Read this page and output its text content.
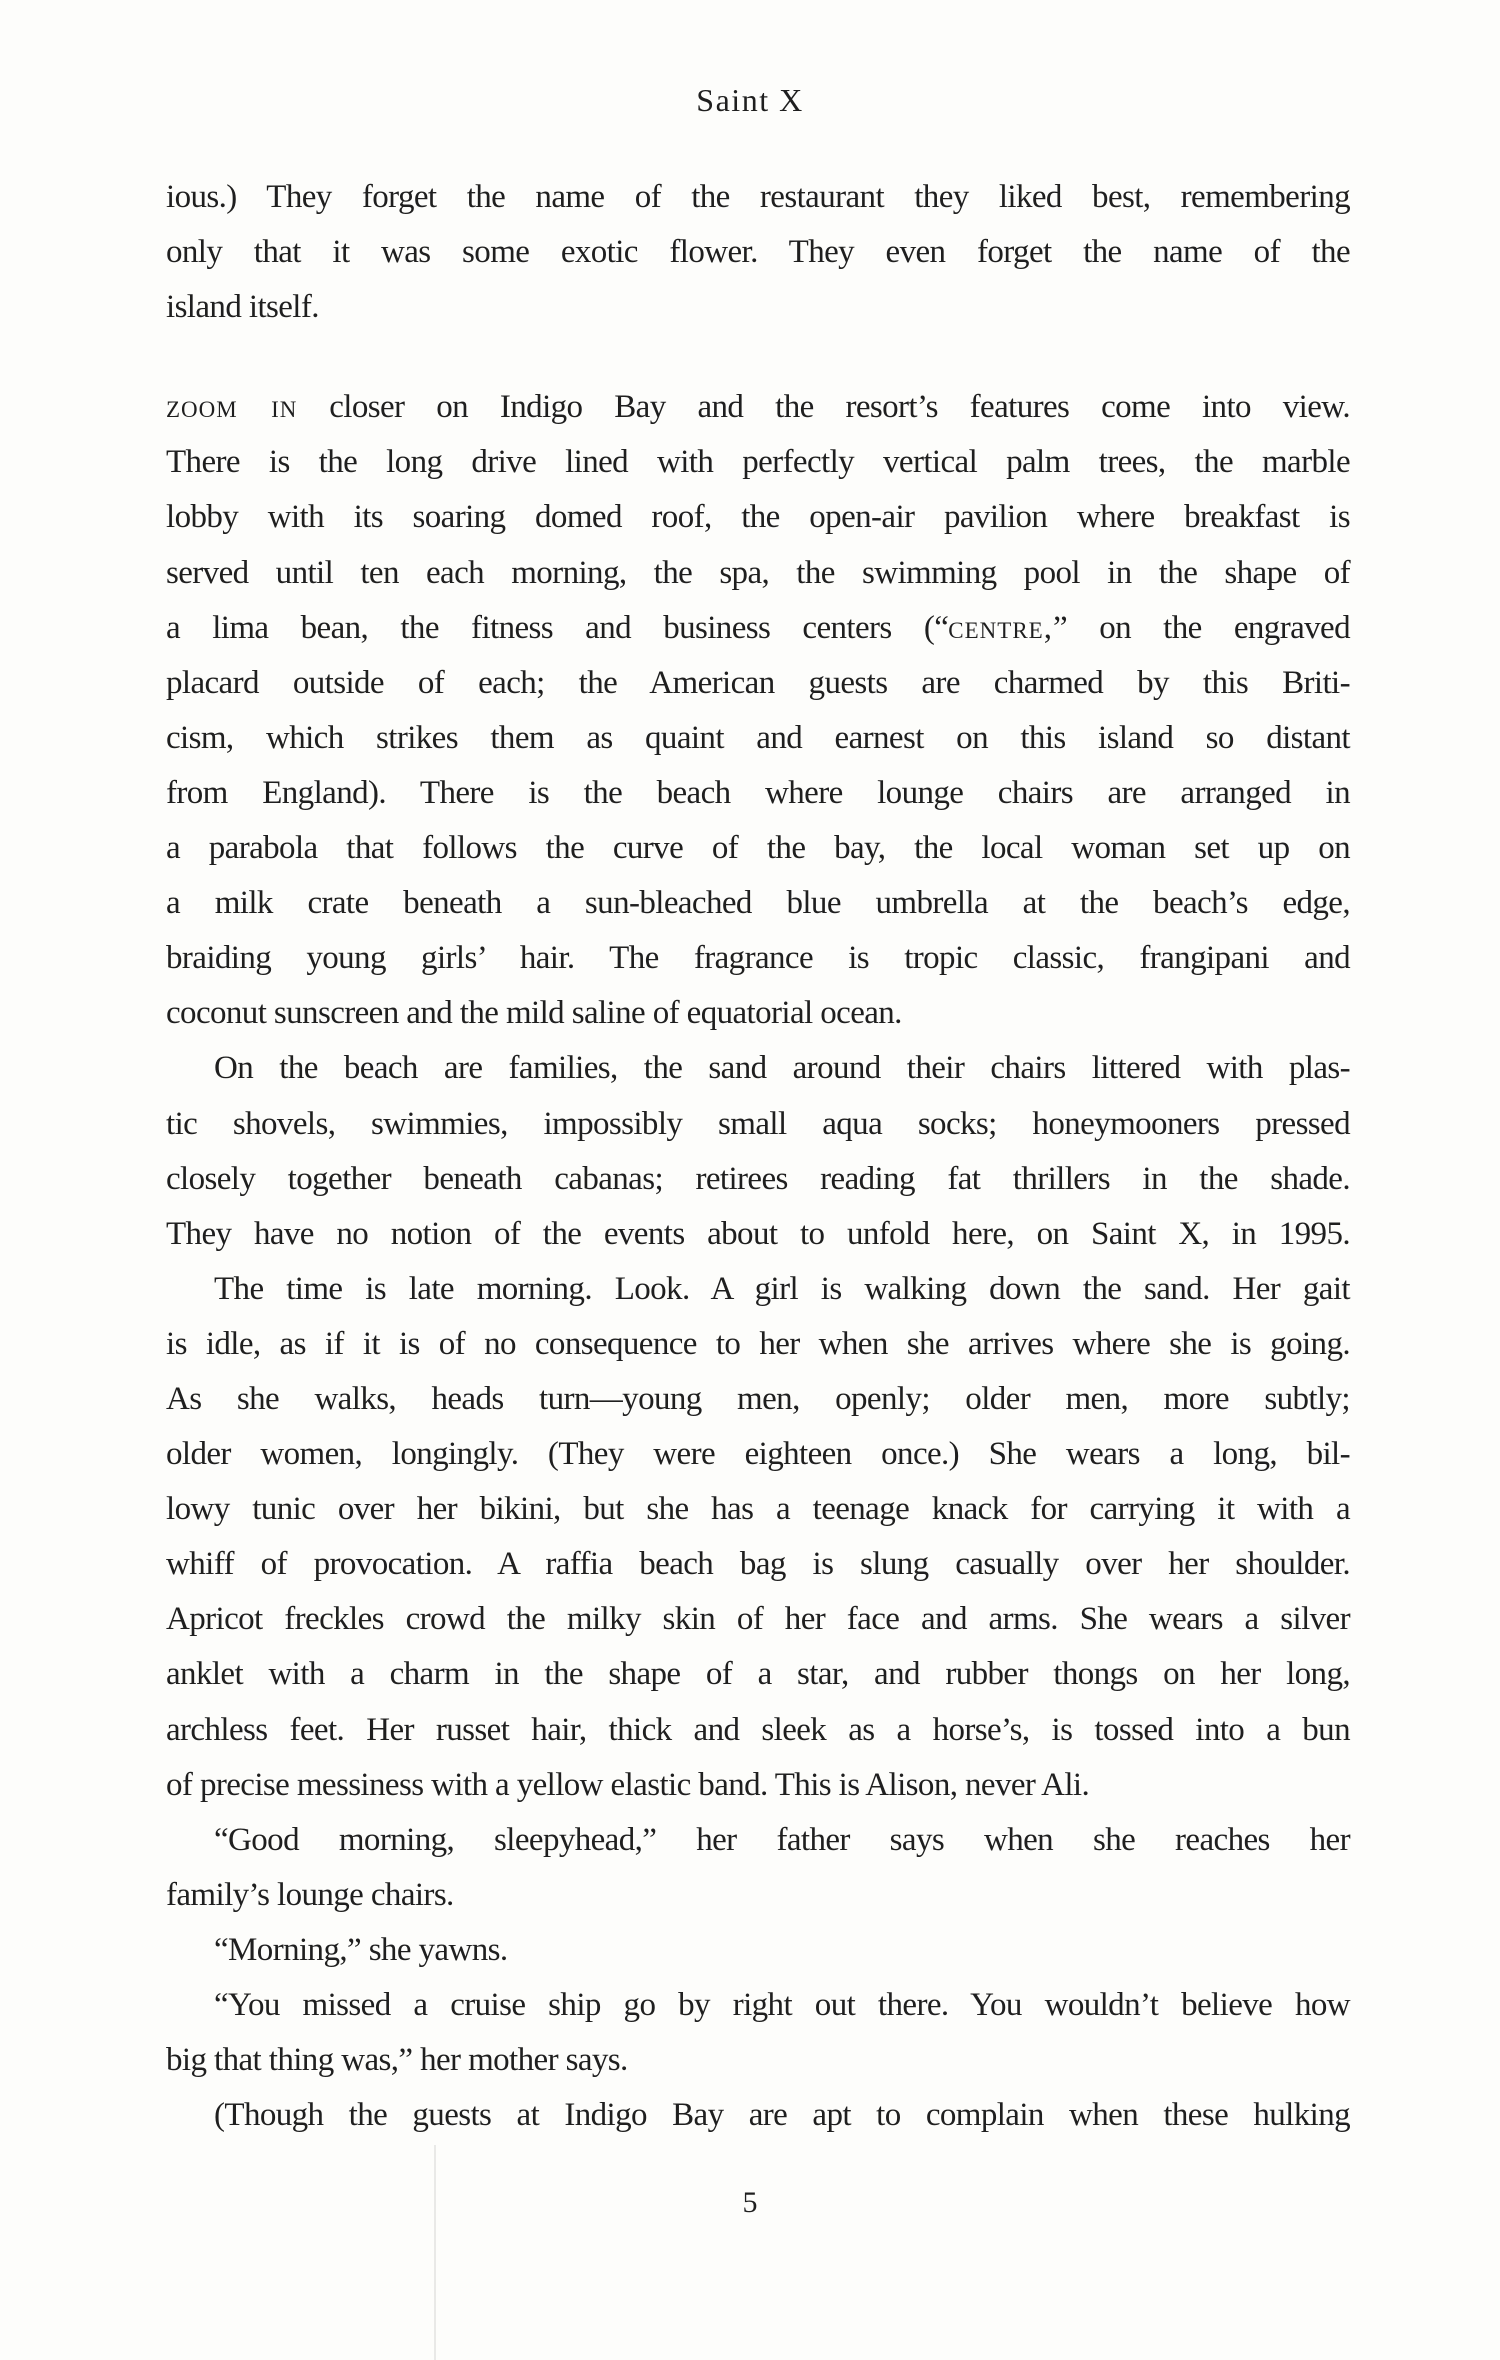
Saint X
ious.) They forget the name of the restaurant they liked best, remembering
only that it was some exotic flower. They even forget the name of the
island itself.
zoom in closer on Indigo Bay and the resort’s features come into view.
There is the long drive lined with perfectly vertical palm trees, the marble
lobby with its soaring domed roof, the open-air pavilion where breakfast is
served until ten each morning, the spa, the swimming pool in the shape of
a lima bean, the fitness and business centers (“centre,” on the engraved
placard outside of each; the American guests are charmed by this Briti-
cism, which strikes them as quaint and earnest on this island so distant
from England). There is the beach where lounge chairs are arranged in
a parabola that follows the curve of the bay, the local woman set up on
a milk crate beneath a sun-bleached blue umbrella at the beach’s edge,
braiding young girls’ hair. The fragrance is tropic classic, frangipani and
coconut sunscreen and the mild saline of equatorial ocean.
On the beach are families, the sand around their chairs littered with plas-
tic shovels, swimmies, impossibly small aqua socks; honeymooners pressed
closely together beneath cabanas; retirees reading fat thrillers in the shade.
They have no notion of the events about to unfold here, on Saint X, in 1995.
The time is late morning. Look. A girl is walking down the sand. Her gait
is idle, as if it is of no consequence to her when she arrives where she is going.
As she walks, heads turn—young men, openly; older men, more subtly;
older women, longingly. (They were eighteen once.) She wears a long, bil-
lowy tunic over her bikini, but she has a teenage knack for carrying it with a
whiff of provocation. A raffia beach bag is slung casually over her shoulder.
Apricot freckles crowd the milky skin of her face and arms. She wears a silver
anklet with a charm in the shape of a star, and rubber thongs on her long,
archless feet. Her russet hair, thick and sleek as a horse’s, is tossed into a bun
of precise messiness with a yellow elastic band. This is Alison, never Ali.
“Good morning, sleepyhead,” her father says when she reaches her
family’s lounge chairs.
“Morning,” she yawns.
“You missed a cruise ship go by right out there. You wouldn’t believe how
big that thing was,” her mother says.
(Though the guests at Indigo Bay are apt to complain when these hulking
5
